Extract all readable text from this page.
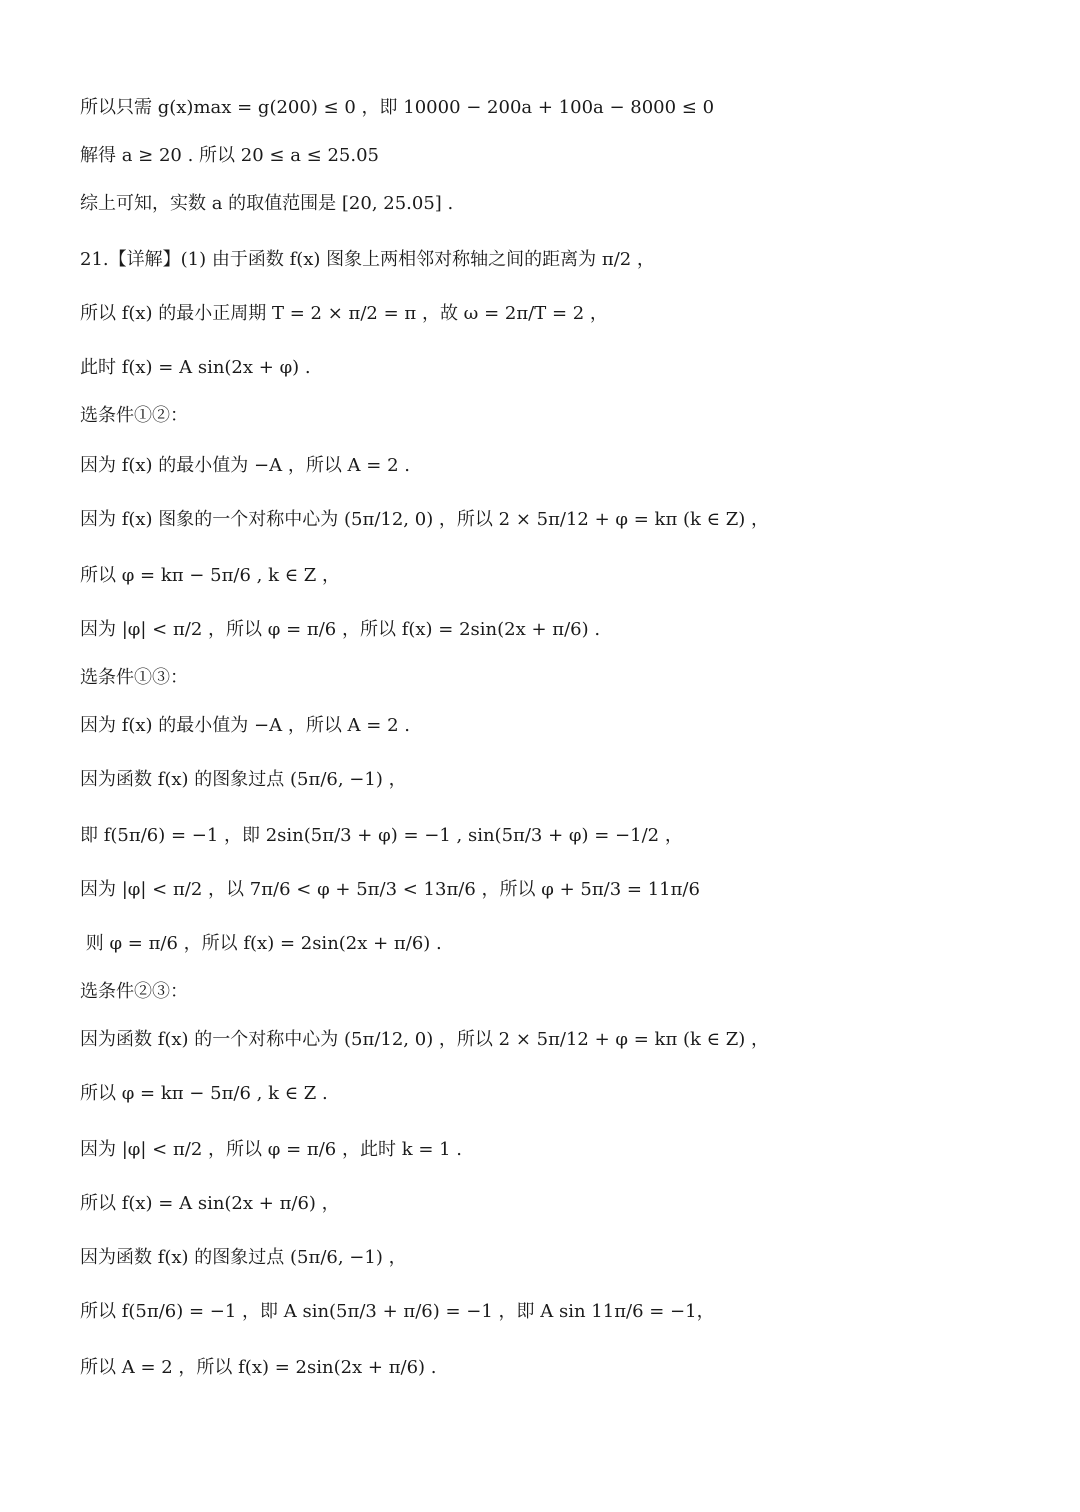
所以只需 g(x)max = g(200) ≤ 0 ，即 10000 − 200a + 100a − 8000 ≤ 0
解得 a ≥ 20 . 所以 20 ≤ a ≤ 25.05
综上可知，实数 a 的取值范围是 [20, 25.05] .
21.【详解】(1) 由于函数 f(x) 图象上两相邻对称轴之间的距离为 π/2 ，
所以 f(x) 的最小正周期 T = 2 × π/2 = π ，故 ω = 2π/T = 2 ，
此时 f(x) = A sin(2x + φ) .
选条件①②：
因为 f(x) 的最小值为 −A ，所以 A = 2 .
因为 f(x) 图象的一个对称中心为 (5π/12, 0) ，所以 2 × 5π/12 + φ = kπ (k ∈ Z) ，
所以 φ = kπ − 5π/6 , k ∈ Z ，
因为 |φ| < π/2 ，所以 φ = π/6 ，所以 f(x) = 2sin(2x + π/6) .
选条件①③：
因为 f(x) 的最小值为 −A ，所以 A = 2 .
因为函数 f(x) 的图象过点 (5π/6, −1) ，
即 f(5π/6) = −1 ，即 2sin(5π/3 + φ) = −1 , sin(5π/3 + φ) = −1/2 ，
因为 |φ| < π/2 ，以 7π/6 < φ + 5π/3 < 13π/6 ，所以 φ + 5π/3 = 11π/6
则 φ = π/6 ，所以 f(x) = 2sin(2x + π/6) .
选条件②③：
因为函数 f(x) 的一个对称中心为 (5π/12, 0) ，所以 2 × 5π/12 + φ = kπ (k ∈ Z) ，
所以 φ = kπ − 5π/6 , k ∈ Z .
因为 |φ| < π/2 ，所以 φ = π/6 ，此时 k = 1 .
所以 f(x) = A sin(2x + π/6) ，
因为函数 f(x) 的图象过点 (5π/6, −1) ，
所以 f(5π/6) = −1 ，即 A sin(5π/3 + π/6) = −1 ，即 A sin 11π/6 = −1，
所以 A = 2 ，所以 f(x) = 2sin(2x + π/6) .
